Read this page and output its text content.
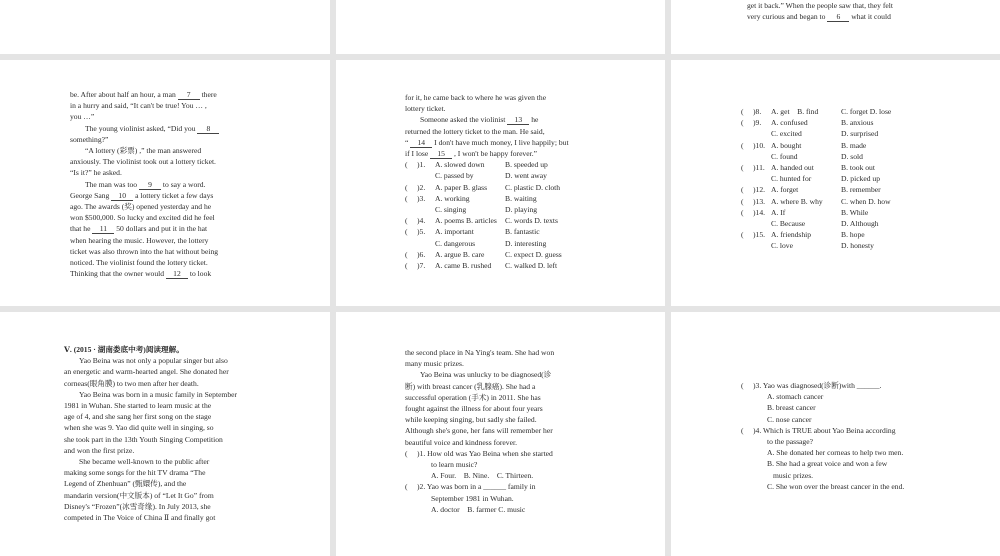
get it back.” When the people saw that, they felt
very curious and began to 6 what it could
be. After about half an hour, a man 7 there
in a hurry and said, “It can't be true! You … ,
you …”
The young violinist asked, “Did you 8
something?”
“A lottery (彩票) ,” the man answered
anxiously. The violinist took out a lottery ticket.
“Is it?” he asked.
The man was too 9 to say a word.
George Sang 10 a lottery ticket a few days
ago. The awards (奖) opened yesterday and he
won $500,000. So lucky and excited did he feel
that he 11 50 dollars and put it in the hat
when hearing the music. However, the lottery
ticket was also thrown into the hat without being
noticed. The violinist found the lottery ticket.
Thinking that the owner would 12 to look
for it, he came back to where he was given the
lottery ticket.
Someone asked the violinist 13 he
returned the lottery ticket to the man. He said,
“ 14 I don't have much money, I live happily; but
if I lose 15 , I won't be happy forever.”
(　 )1.	A. slowed down	B. speeded up
C. passed by	D. went away
(　 )2.	A. paper B. glass C. plastic D. cloth
(　 )3.	A. working	B. waiting
C. singing	D. playing
(　 )4.	A. poems B. articles C. words D. texts
(　 )5.	A. important	B. fantastic
C. dangerous	D. interesting
(　 )6.	A. argue B. care	C. expect D. guess
(　 )7.	A. came B. rushed C. walked D. left
(　 )8.	A. get　B. find	C. forget D. lose
(　 )9.	A. confused	B. anxious
C. excited	D. surprised
(　 )10. A. bought	B. made
C. found	D. sold
(　 )11. A. handed out	B. took out
C. hunted for	D. picked up
(　 )12. A. forget	B. remember
(　 )13. A. where B. why C. when D. how
(　 )14. A. If	B. While
C. Because	D. Although
(　 )15. A. friendship	B. hope
C. love	D. honesty
Ⅴ. (2015 · 湖南娄底中考)阅读理解。
Yao Beina was not only a popular singer but also
an energetic and warm-hearted angel. She donated her
corneas(眼角膜) to two men after her death.
Yao Beina was born in a music family in September
1981 in Wuhan. She started to learn music at the
age of 4, and she sang her first song on the stage
when she was 9. Yao did quite well in singing, so
she took part in the 13th Youth Singing Competition
and won the first prize.
She became well-known to the public after
making some songs for the hit TV drama “The
Legend of Zhenhuan” (甄嬛传), and the
mandarin version(中文版本) of “Let It Go” from
Disney's “Frozen”(冰雪奇缘). In July 2013, she
competed in The Voice of China Ⅱ and finally got
the second place in Na Ying's team. She had won
many music prizes.
Yao Beina was unlucky to be diagnosed(诊
断) with breast cancer (乳腺癌). She had a
successful operation (手术) in 2011. She has
fought against the illness for about four years
while keeping singing, but sadly she failed.
Although she's gone, her fans will remember her
beautiful voice and kindness forever.
(　 )1. How old was Yao Beina when she started
to learn music?
A. Four.　B. Nine.　C. Thirteen.
(　 )2. Yao was born in a ______ family in
September 1981 in Wuhan.
A. doctor　B. farmer C. music
(　 )3. Yao was diagnosed(诊断)with ______.
A. stomach cancer
B. breast cancer
C. nose cancer
(　 )4. Which is TRUE about Yao Beina according
to the passage?
A. She donated her corneas to help two men.
B. She had a great voice and won a few
music prizes.
C. She won over the breast cancer in the end.
